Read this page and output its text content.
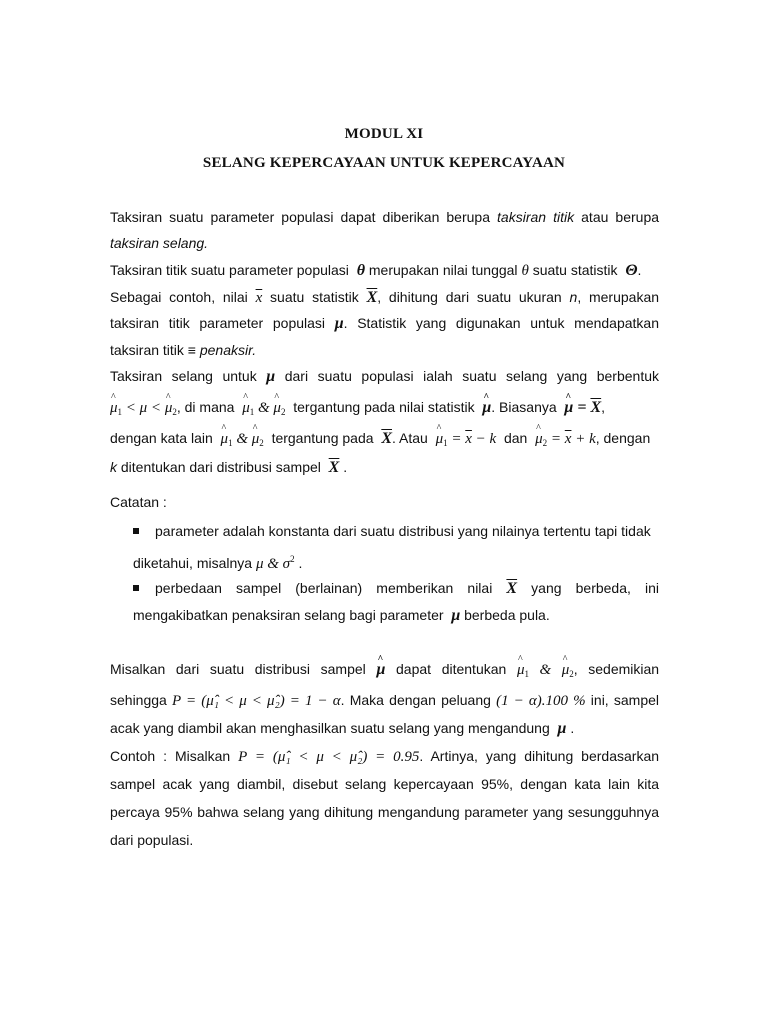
MODUL XI
SELANG KEPERCAYAAN UNTUK KEPERCAYAAN
Taksiran suatu parameter populasi dapat diberikan berupa taksiran titik atau berupa
taksiran selang.
Taksiran titik suatu parameter populasi θ merupakan nilai tunggal θ suatu statistik Θ.
Sebagai contoh, nilai $\overline{x}$ suatu statistik $\overline{X}$, dihitung dari suatu ukuran n, merupakan
taksiran titik parameter populasi μ. Statistik yang digunakan untuk mendapatkan
taksiran titik ≡ penaksir.
Taksiran selang untuk μ dari suatu populasi ialah suatu selang yang berbentuk
^ $\mu_1 < \mu$ < ^ $\mu_2$, di mana ^ $\mu_1$ & ^ $\mu_2$ tergantung pada nilai statistik ^ μ. Biasanya ^ $\mu = \overline{X}$,
dengan kata lain ^ $\mu_1$ & ^ $\mu_2$ tergantung pada $\overline{X}$. Atau ^ $\mu_1 = \overline{x} - k$ dan ^ $\mu_2 = \overline{x} + k$, dengan
k ditentukan dari distribusi sampel $\overline{X}$ .
Catatan :
parameter adalah konstanta dari suatu distribusi yang nilainya tertentu tapi tidak
diketahui, misalnya μ & $\sigma^2$ .
perbedaan sampel (berlainan) memberikan nilai $\overline{X}$ yang berbeda, ini
mengakibatkan penaksiran selang bagi parameter μ berbeda pula.
Misalkan dari suatu distribusi sampel ^ μ dapat ditentukan ^ $\mu_1$ & ^ $\mu_2$, sedemikian
sehingga P = (μ̂₁ < μ < μ̂₂) = 1 − α. Maka dengan peluang (1 − α).100 % ini, sampel
acak yang diambil akan menghasilkan suatu selang yang mengandung μ .
Contoh : Misalkan P = (μ̂₁ < μ < μ̂₂) = 0.95. Artinya, yang dihitung berdasarkan
sampel acak yang diambil, disebut selang kepercayaan 95%, dengan kata lain kita
percaya 95% bahwa selang yang dihitung mengandung parameter yang sesungguhnya
dari populasi.
